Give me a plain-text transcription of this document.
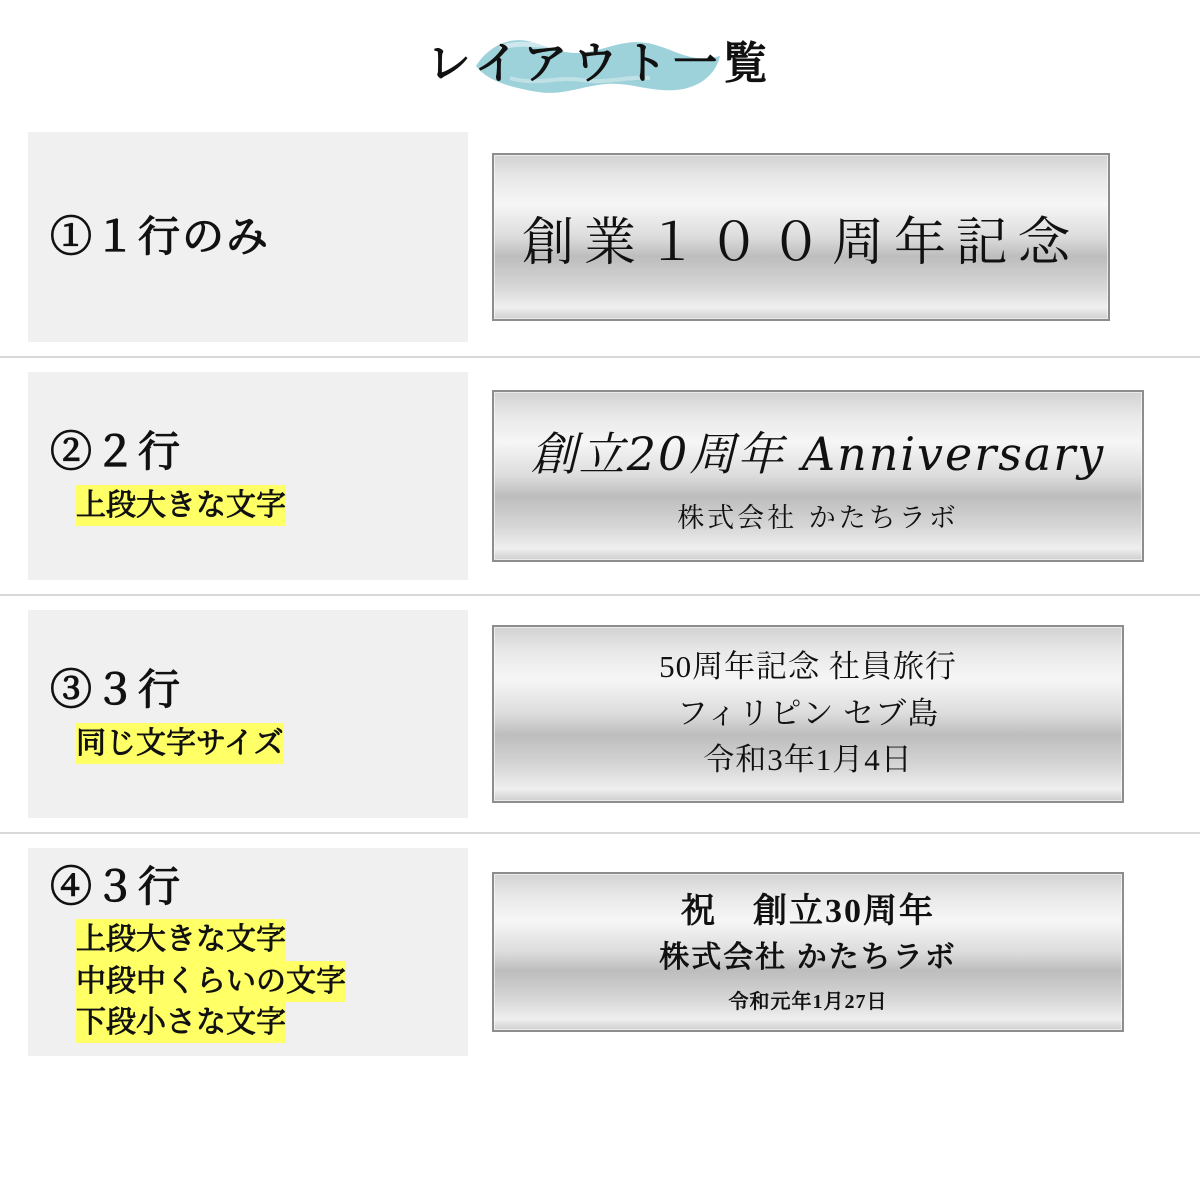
レイアウト一覧
①１行のみ	創業１００周年記念
②２行
上段大きな文字
創立20周年 Anniversary
株式会社 かたちラボ
③３行
同じ文字サイズ
50周年記念 社員旅行
フィリピン セブ島
令和3年1月4日
④３行
上段大きな文字
中段中くらいの文字
下段小さな文字
祝　創立30周年
株式会社 かたちラボ
令和元年1月27日
